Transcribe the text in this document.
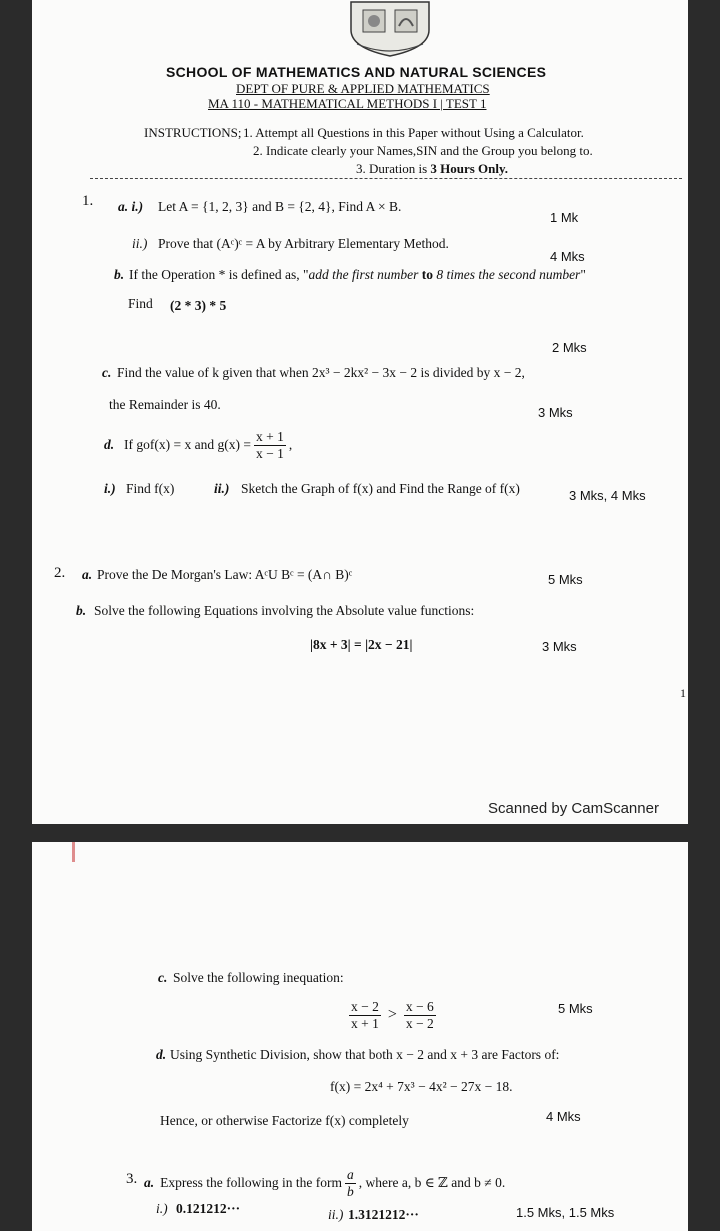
SCHOOL OF MATHEMATICS AND NATURAL SCIENCES
DEPT OF PURE & APPLIED MATHEMATICS
MA 110 - MATHEMATICAL METHODS I | TEST 1
INSTRUCTIONS; 1. Attempt all Questions in this Paper without Using a Calculator.
2. Indicate clearly your Names,SIN and the Group you belong to.
3. Duration is 3 Hours Only.
1. a. i.) Let A = {1, 2, 3} and B = {2, 4}, Find A × B.
1 Mk
ii.) Prove that (Aᶜ)ᶜ = A by Arbitrary Elementary Method.
4 Mks
b. If the Operation * is defined as, "add the first number to 8 times the second number"
Find (2 * 3) * 5
2 Mks
c. Find the value of k given that when 2x³ − 2kx² − 3x − 2 is divided by x − 2,
the Remainder is 40.
3 Mks
d. If gof(x) = x and $g(x) = \frac{x + 1}{x - 1}$ ,
i.) Find f(x)	ii.) Sketch the Graph of f(x) and Find the Range of f(x)	3 Mks, 4 Mks
2. a. Prove the De Morgan's Law: AᶜU Bᶜ = (A∩ B)ᶜ	5 Mks
b. Solve the following Equations involving the Absolute value functions:
|8x + 3| = |2x − 21|	3 Mks
1
Scanned by CamScanner
c. Solve the following inequation:
$\frac{x - 2}{x + 1} > \frac{x - 6}{x - 2}$	5 Mks
d. Using Synthetic Division, show that both x − 2 and x + 3 are Factors of:
f(x) = 2x⁴ + 7x³ − 4x² − 27x − 18.
Hence, or otherwise Factorize f(x) completely	4 Mks
3. a. Express the following in the form $\frac{a}{b}$ , where a, b ∈ ℤ and b ≠ 0.
i.) 0.121212···	ii.) 1.3121212···	1.5 Mks, 1.5 Mks
